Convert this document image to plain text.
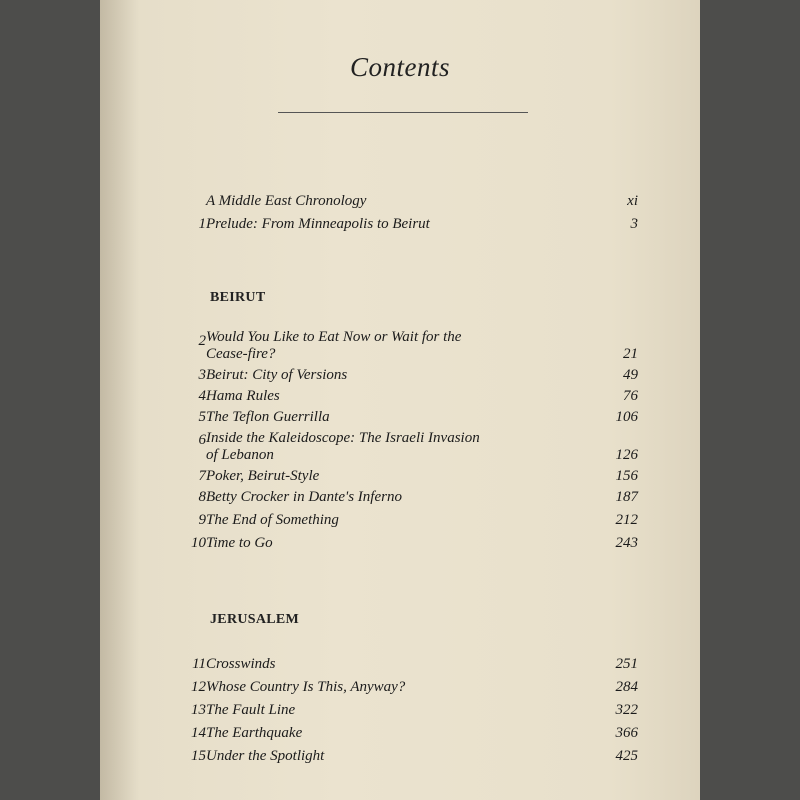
Contents
A Middle East Chronology	xi
1 Prelude: From Minneapolis to Beirut	3
BEIRUT
2 Would You Like to Eat Now or Wait for the
Cease-fire?	21
3 Beirut: City of Versions	49
4 Hama Rules	76
5 The Teflon Guerrilla	106
6 Inside the Kaleidoscope: The Israeli Invasion
of Lebanon	126
7 Poker, Beirut-Style	156
8 Betty Crocker in Dante's Inferno	187
9 The End of Something	212
10 Time to Go	243
JERUSALEM
11 Crosswinds	251
12 Whose Country Is This, Anyway?	284
13 The Fault Line	322
14 The Earthquake	366
15 Under the Spotlight	425
